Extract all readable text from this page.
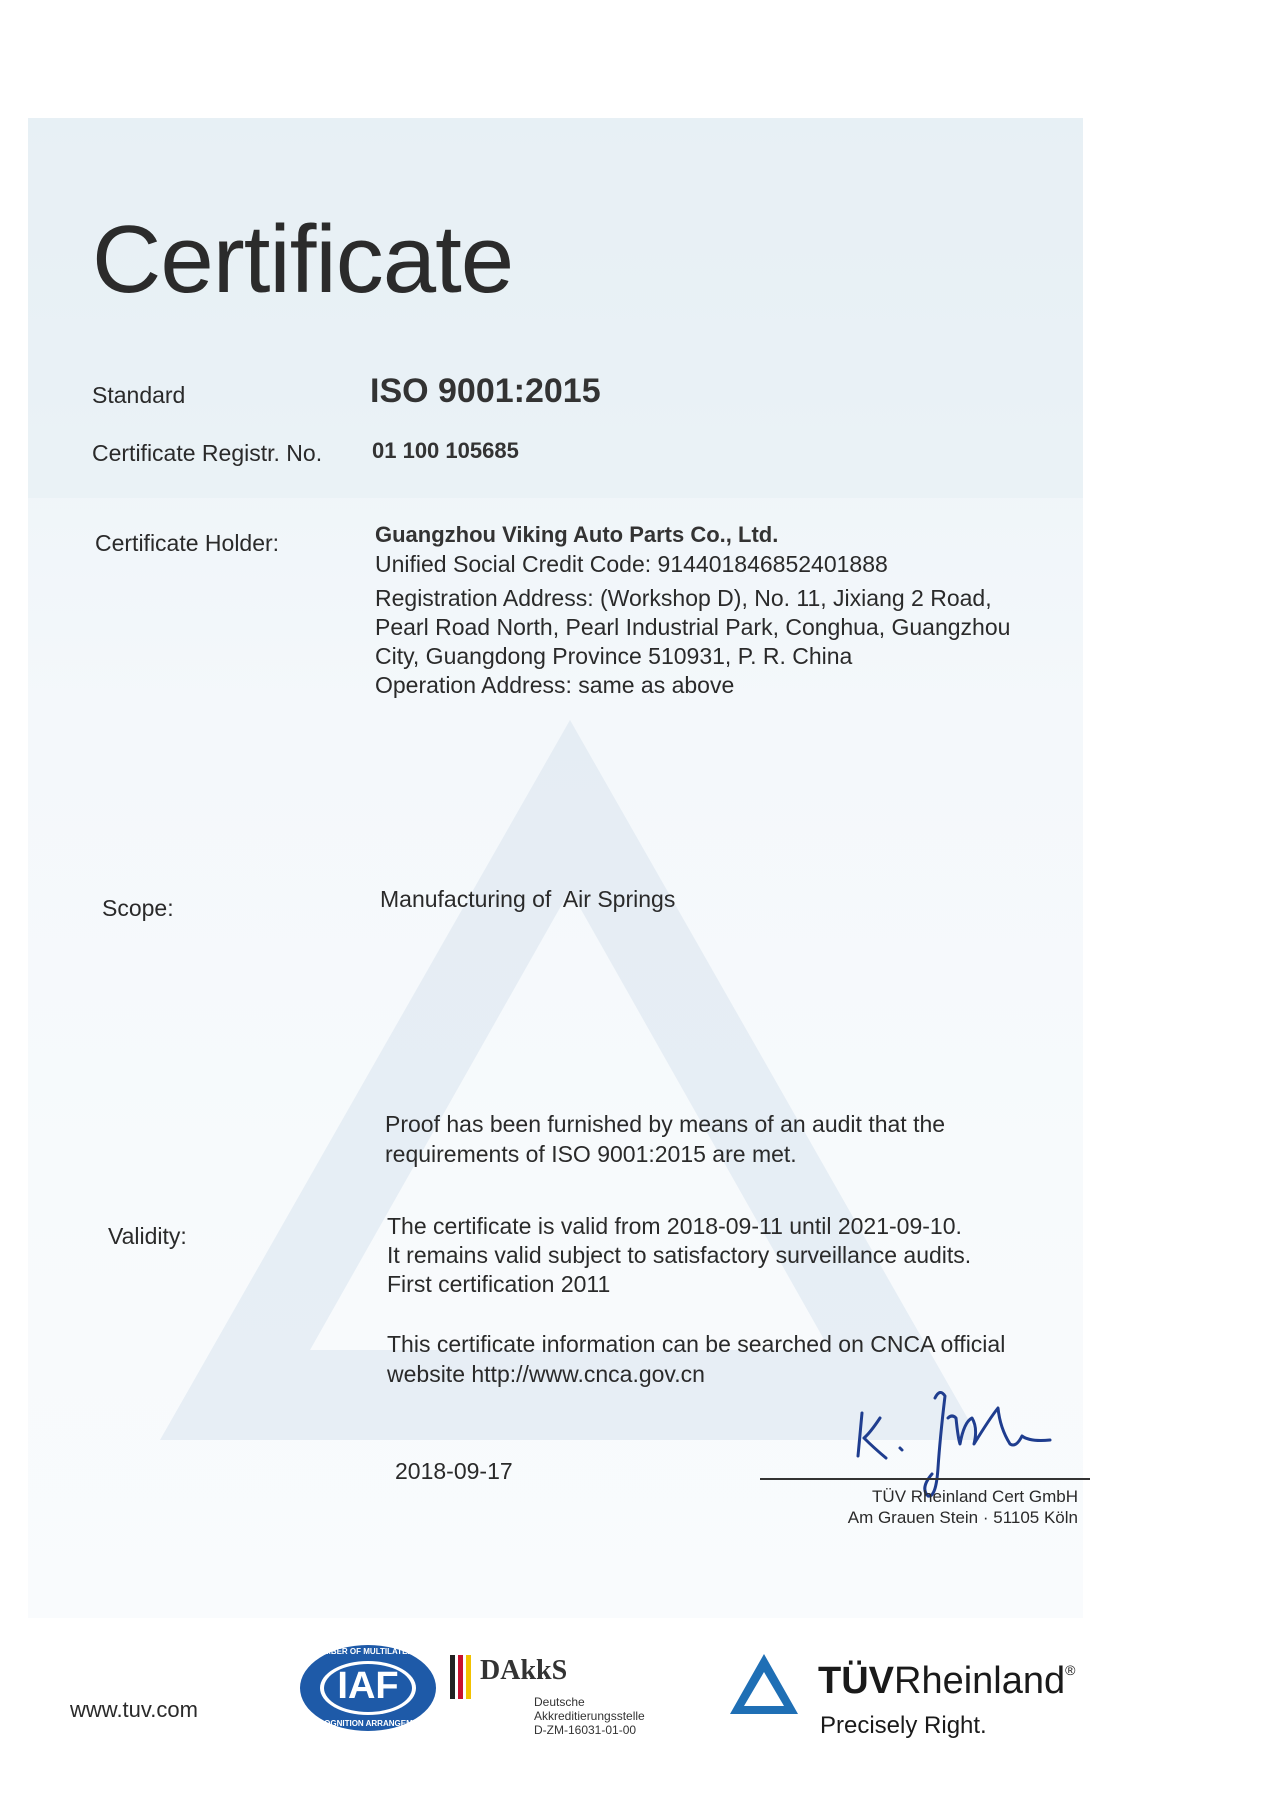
Certificate
Standard	ISO 9001:2015
Certificate Registr. No. 01 100 105685
Certificate Holder:	Guangzhou Viking Auto Parts Co., Ltd.
Unified Social Credit Code: 914401846852401888
Registration Address: (Workshop D), No. 11, Jixiang 2 Road,
Pearl Road North, Pearl Industrial Park, Conghua, Guangzhou
City, Guangdong Province 510931, P. R. China
Operation Address: same as above
Scope:	Manufacturing of  Air Springs
Proof has been furnished by means of an audit that the
requirements of ISO 9001:2015 are met.
Validity:	The certificate is valid from 2018-09-11 until 2021-09-10.
It remains valid subject to satisfactory surveillance audits.
First certification 2011
This certificate information can be searched on CNCA official
website http://www.cnca.gov.cn
2018-09-17
TÜV Rheinland Cert GmbH
Am Grauen Stein · 51105 Köln
www.tuv.com
IAF
MEMBER OF MULTILATERAL
RECOGNITION ARRANGEMENT
DAkkS
Deutsche
Akkreditierungsstelle
D-ZM-16031-01-00
TÜVRheinland®
Precisely Right.
